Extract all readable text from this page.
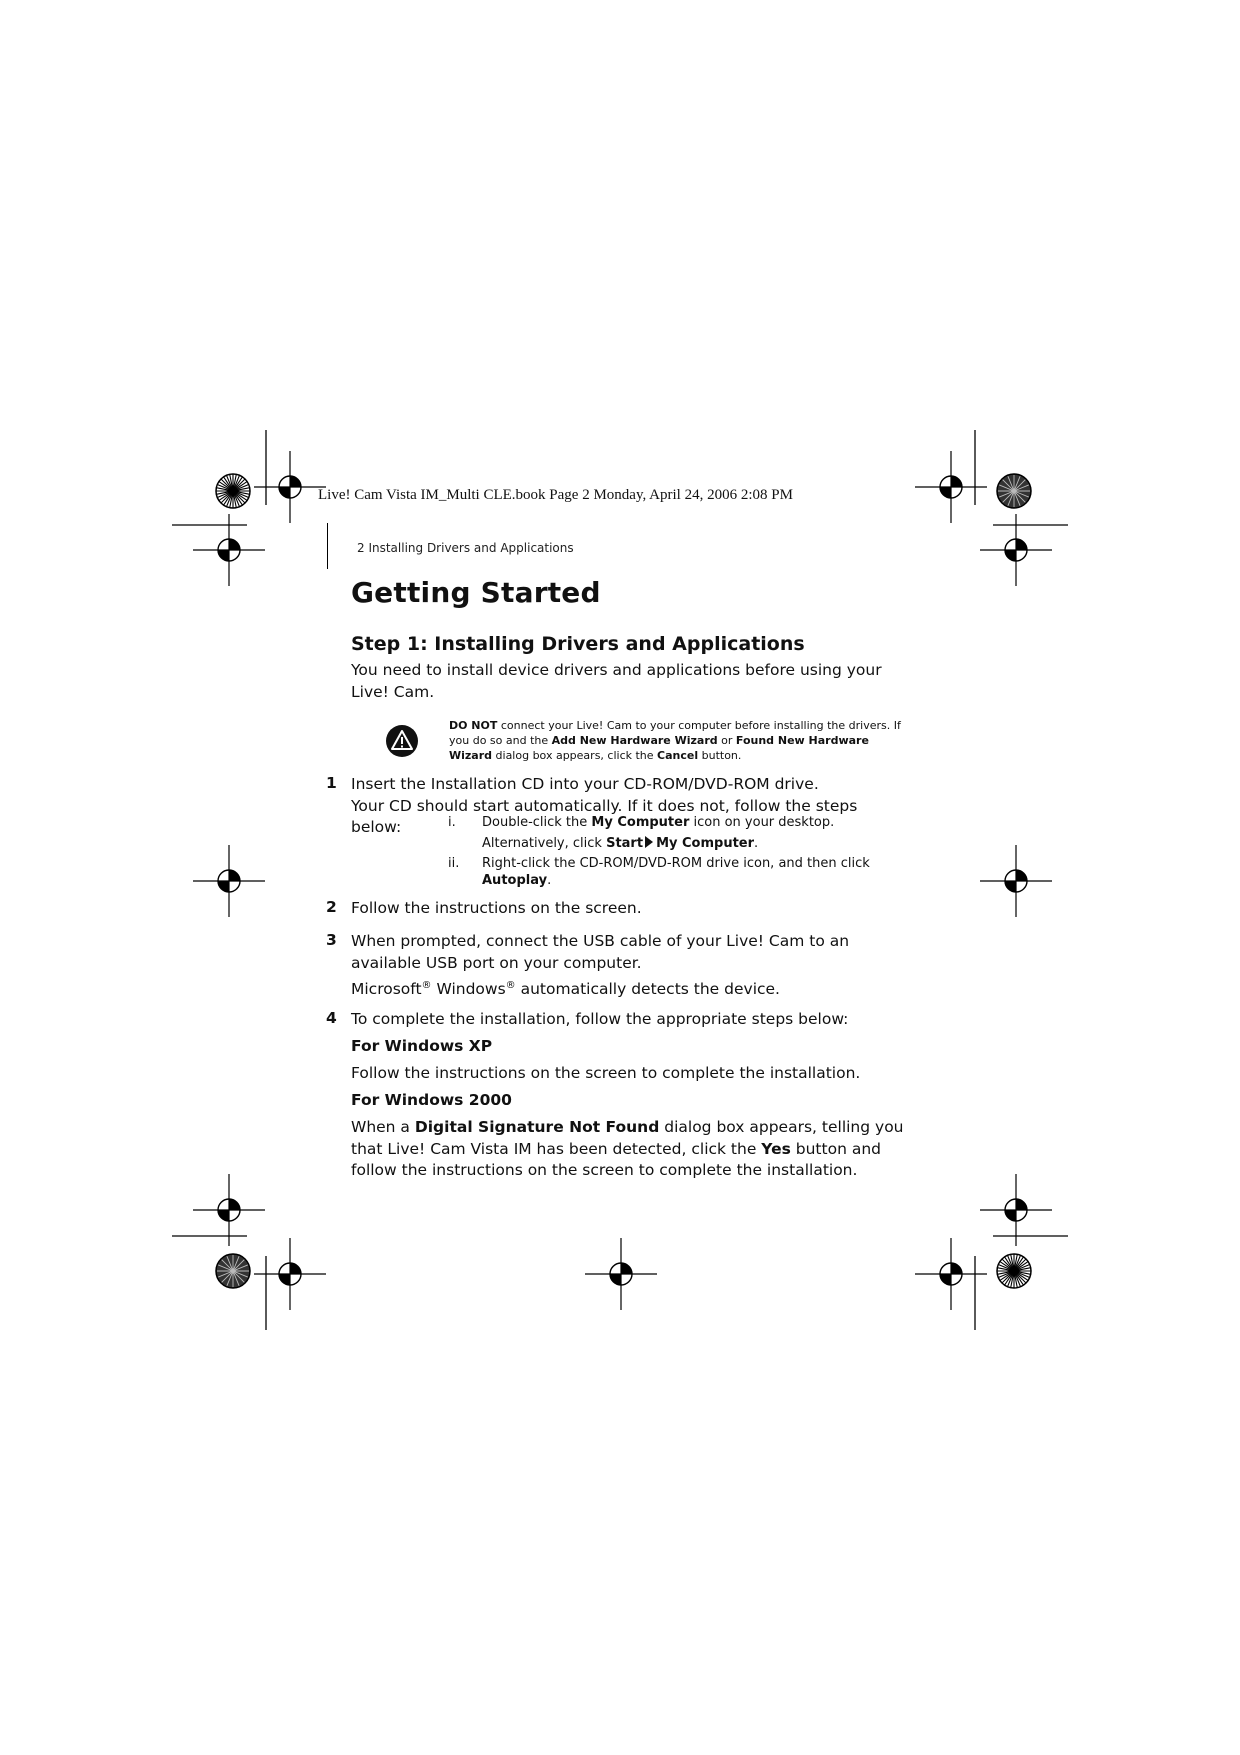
Live! Cam Vista IM_Multi CLE.book Page 2 Monday, April 24, 2006 2:08 PM
2 Installing Drivers and Applications
Getting Started
Step 1: Installing Drivers and Applications
You need to install device drivers and applications before using your Live! Cam.
DO NOT connect your Live! Cam to your computer before installing the drivers. If you do so and the Add New Hardware Wizard or Found New Hardware Wizard dialog box appears, click the Cancel button.
1 Insert the Installation CD into your CD-ROM/DVD-ROM drive.
Your CD should start automatically. If it does not, follow the steps below:	i. Double-click the My Computer icon on your desktop.
Alternatively, click Start My Computer.
ii. Right-click the CD-ROM/DVD-ROM drive icon, and then click Autoplay.
2 Follow the instructions on the screen.
3 When prompted, connect the USB cable of your Live! Cam to an available USB port on your computer.
Microsoft® Windows® automatically detects the device.
4 To complete the installation, follow the appropriate steps below:
For Windows XP
Follow the instructions on the screen to complete the installation.
For Windows 2000
When a Digital Signature Not Found dialog box appears, telling you that Live! Cam Vista IM has been detected, click the Yes button and follow the instructions on the screen to complete the installation.
